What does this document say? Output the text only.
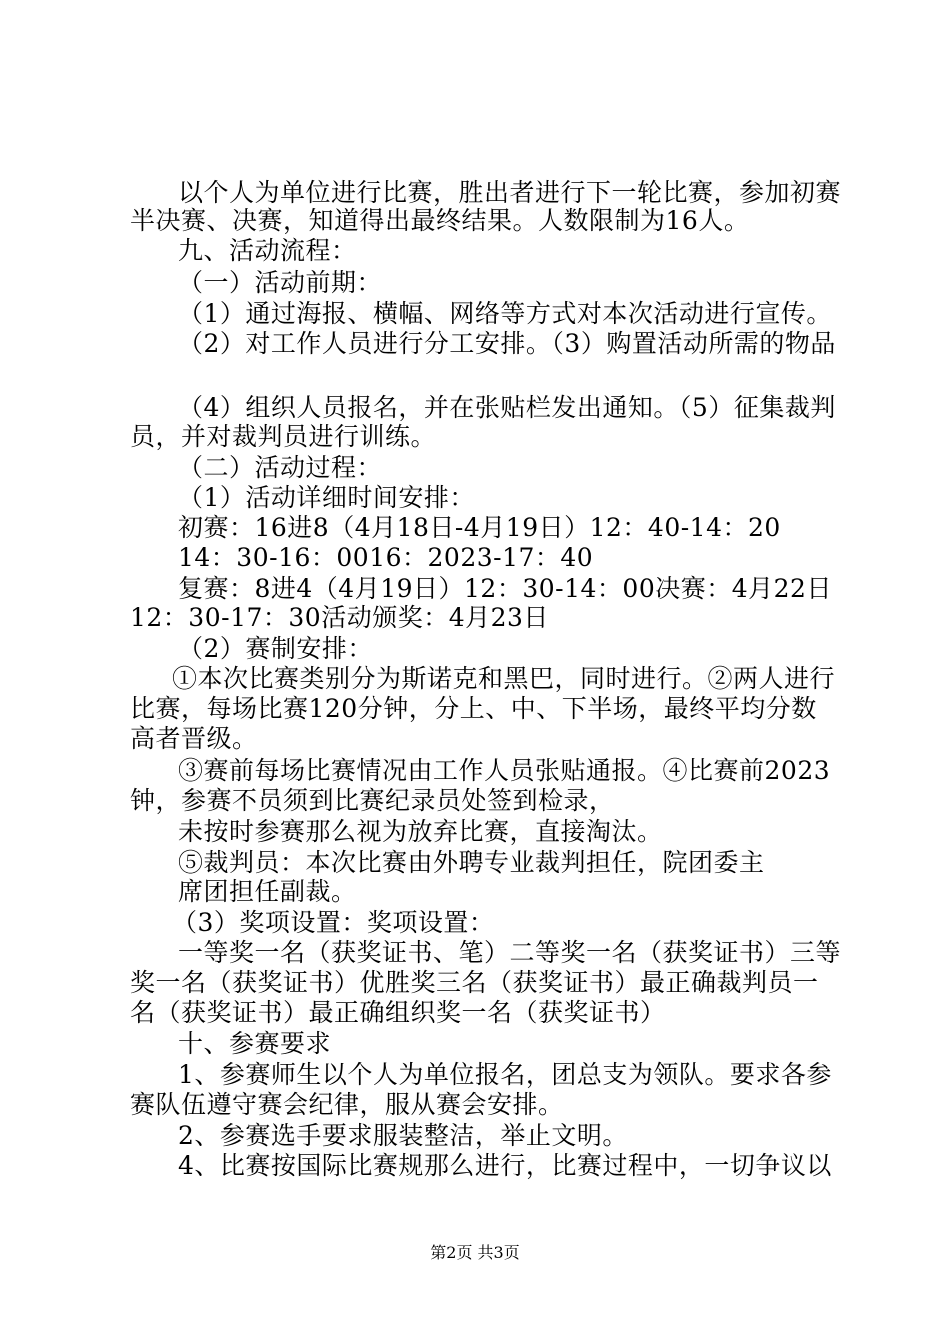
以个人为单位进行比赛，胜出者进行下一轮比赛，参加初赛
半决赛、决赛，知道得出最终结果。人数限制为16人。
九、活动流程：
（一）活动前期：
（1）通过海报、横幅、网络等方式对本次活动进行宣传。
（2）对工作人员进行分工安排。（3）购置活动所需的物品
（4）组织人员报名，并在张贴栏发出通知。（5）征集裁判
员，并对裁判员进行训练。
（二）活动过程：
（1）活动详细时间安排：
初赛：16进8（4月18日-4月19日）12：40-14：20
14：30-16：0016：2023-17：40
复赛：8进4（4月19日）12：30-14：00决赛：4月22日
12：30-17：30活动颁奖：4月23日
（2）赛制安排：
①本次比赛类别分为斯诺克和黑巴，同时进行。②两人进行
比赛，每场比赛120分钟，分上、中、下半场，最终平均分数
高者晋级。
③赛前每场比赛情况由工作人员张贴通报。④比赛前2023
钟，参赛不员须到比赛纪录员处签到检录，
未按时参赛那么视为放弃比赛，直接淘汰。
⑤裁判员：本次比赛由外聘专业裁判担任，院团委主
席团担任副裁。
（3）奖项设置：奖项设置：
一等奖一名（获奖证书、笔）二等奖一名（获奖证书）三等
奖一名（获奖证书）优胜奖三名（获奖证书）最正确裁判员一
名（获奖证书）最正确组织奖一名（获奖证书）
十、参赛要求
1、参赛师生以个人为单位报名，团总支为领队。要求各参
赛队伍遵守赛会纪律，服从赛会安排。
2、参赛选手要求服装整洁，举止文明。
4、比赛按国际比赛规那么进行，比赛过程中，一切争议以
第2页 共3页
